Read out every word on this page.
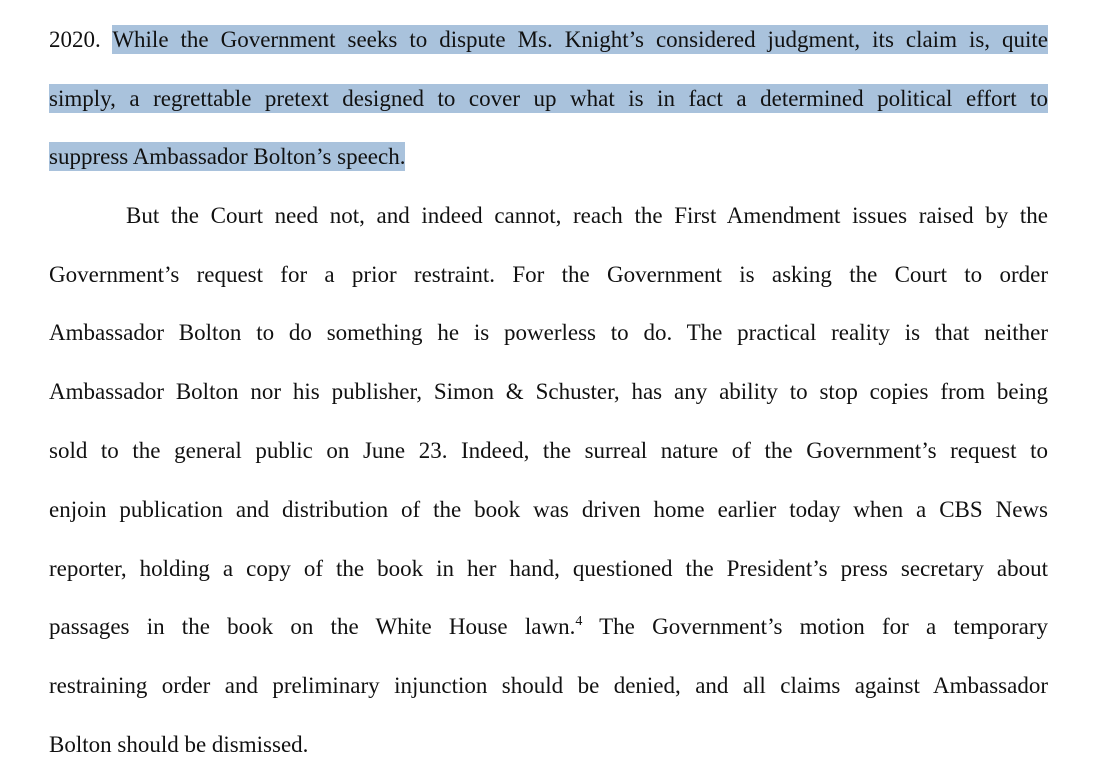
2020. While the Government seeks to dispute Ms. Knight’s considered judgment, its claim is, quite
simply, a regrettable pretext designed to cover up what is in fact a determined political effort to
suppress Ambassador Bolton’s speech.
But the Court need not, and indeed cannot, reach the First Amendment issues raised by the
Government’s request for a prior restraint. For the Government is asking the Court to order
Ambassador Bolton to do something he is powerless to do. The practical reality is that neither
Ambassador Bolton nor his publisher, Simon & Schuster, has any ability to stop copies from being
sold to the general public on June 23. Indeed, the surreal nature of the Government’s request to
enjoin publication and distribution of the book was driven home earlier today when a CBS News
reporter, holding a copy of the book in her hand, questioned the President’s press secretary about
passages in the book on the White House lawn.$^4$ The Government’s motion for a temporary
restraining order and preliminary injunction should be denied, and all claims against Ambassador
Bolton should be dismissed.
